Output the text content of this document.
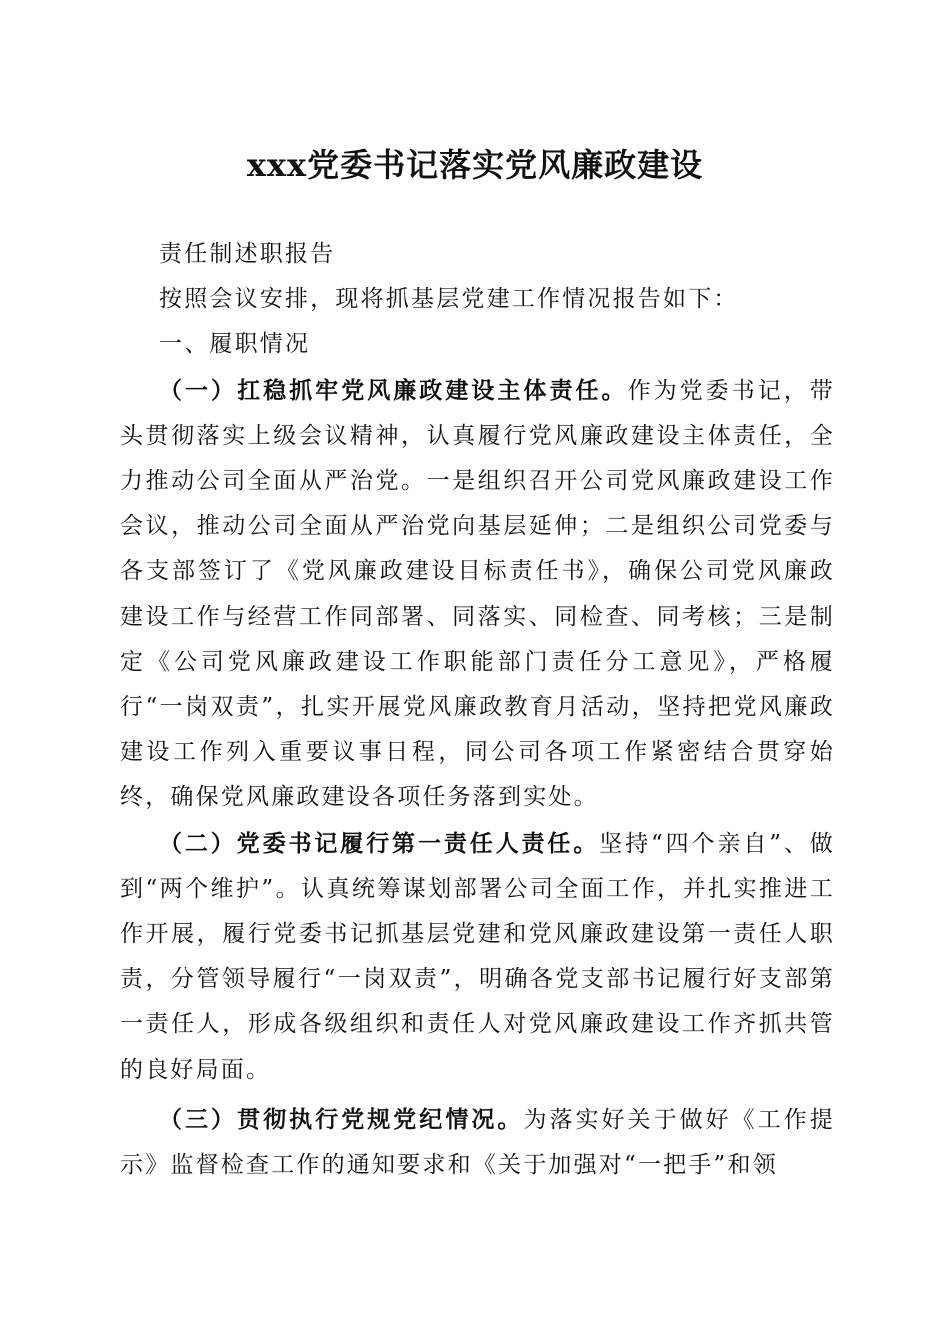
xxx党委书记落实党风廉政建设

责任制述职报告

按照会议安排，现将抓基层党建工作情况报告如下：

一、履职情况

（一）扛稳抓牢党风廉政建设主体责任。作为党委书记，带头贯彻落实上级会议精神，认真履行党风廉政建设主体责任，全力推动公司全面从严治党。一是组织召开公司党风廉政建设工作会议，推动公司全面从严治党向基层延伸；二是组织公司党委与各支部签订了《党风廉政建设目标责任书》，确保公司党风廉政建设工作与经营工作同部署、同落实、同检查、同考核；三是制定《公司党风廉政建设工作职能部门责任分工意见》，严格履行“一岗双责”，扎实开展党风廉政教育月活动，坚持把党风廉政建设工作列入重要议事日程，同公司各项工作紧密结合贯穿始终，确保党风廉政建设各项任务落到实处。

（二）党委书记履行第一责任人责任。坚持“四个亲自”、做到“两个维护”。认真统筹谋划部署公司全面工作，并扎实推进工作开展，履行党委书记抓基层党建和党风廉政建设第一责任人职责，分管领导履行“一岗双责”，明确各党支部书记履行好支部第一责任人，形成各级组织和责任人对党风廉政建设工作齐抓共管的良好局面。

（三）贯彻执行党规党纪情况。为落实好关于做好《工作提示》监督检查工作的通知要求和《关于加强对“一把手”和领
